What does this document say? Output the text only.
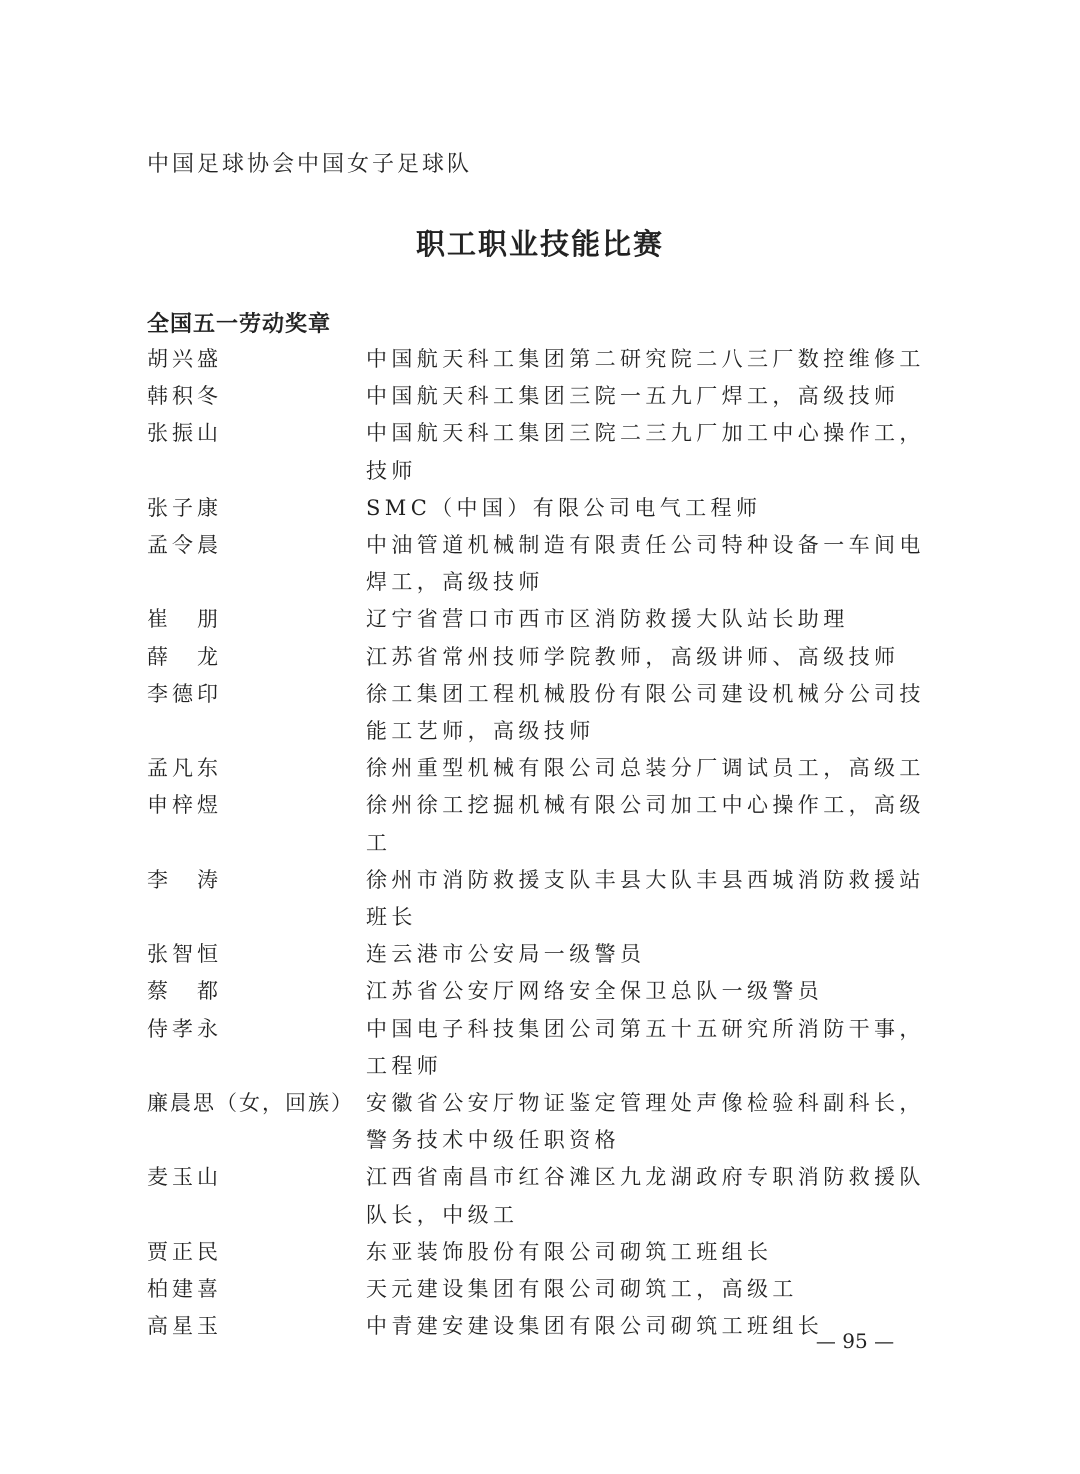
中国足球协会中国女子足球队
职工职业技能比赛
全国五一劳动奖章
胡兴盛	中国航天科工集团第二研究院二八三厂数控维修工
韩积冬	中国航天科工集团三院一五九厂焊工，高级技师
张振山	中国航天科工集团三院二三九厂加工中心操作工，技师
张子康	SMC（中国）有限公司电气工程师
孟令晨	中油管道机械制造有限责任公司特种设备一车间电焊工，高级技师
崔　朋	辽宁省营口市西市区消防救援大队站长助理
薛　龙	江苏省常州技师学院教师，高级讲师、高级技师
李德印	徐工集团工程机械股份有限公司建设机械分公司技能工艺师，高级技师
孟凡东	徐州重型机械有限公司总装分厂调试员工，高级工
申梓煜	徐州徐工挖掘机械有限公司加工中心操作工，高级工
李　涛	徐州市消防救援支队丰县大队丰县西城消防救援站班长
张智恒	连云港市公安局一级警员
蔡　都	江苏省公安厅网络安全保卫总队一级警员
侍孝永	中国电子科技集团公司第五十五研究所消防干事，工程师
廉晨思（女，回族） 安徽省公安厅物证鉴定管理处声像检验科副科长，警务技术中级任职资格
麦玉山	江西省南昌市红谷滩区九龙湖政府专职消防救援队队长，中级工
贾正民	东亚装饰股份有限公司砌筑工班组长
柏建喜	天元建设集团有限公司砌筑工，高级工
高星玉	中青建安建设集团有限公司砌筑工班组长
— 95 —
